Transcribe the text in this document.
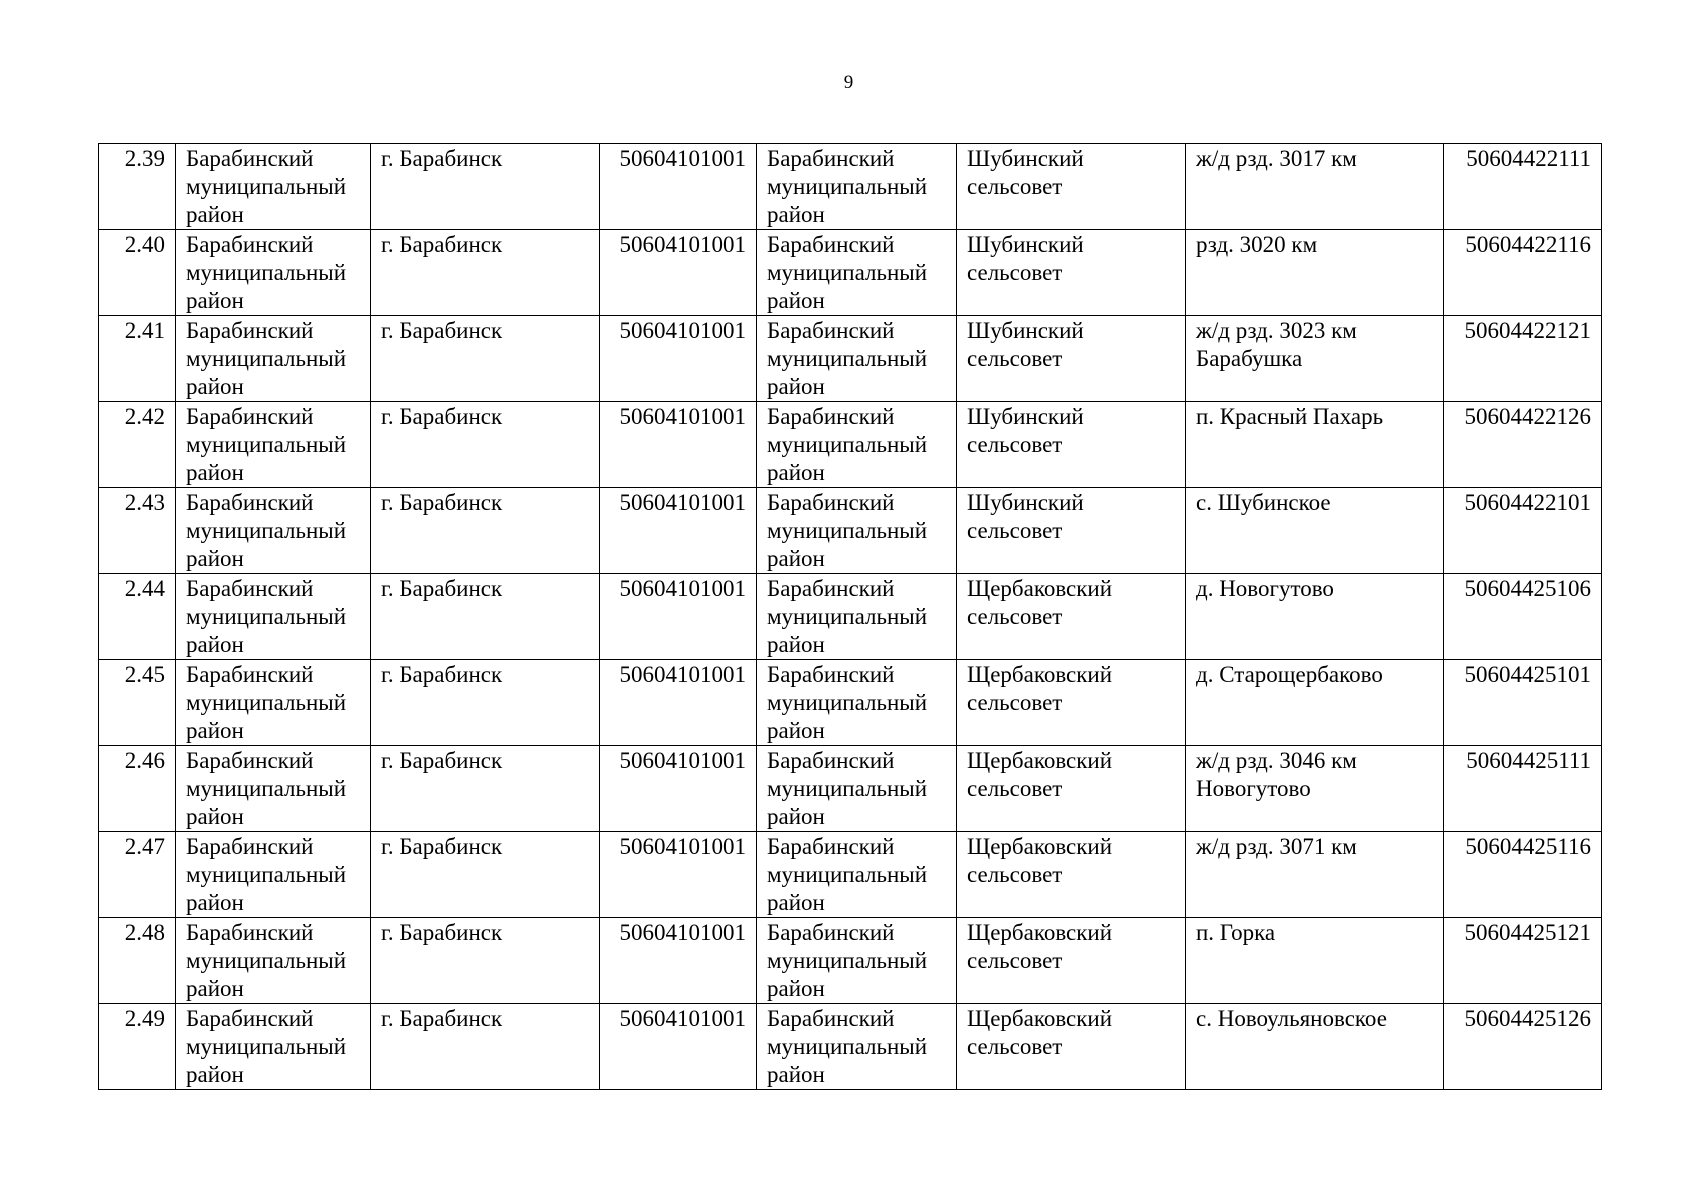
9
2.39	Барабинский муниципальный район	г. Барабинск	50604101001	Барабинский муниципальный район	Шубинский сельсовет	ж/д рзд. 3017 км	50604422111

2.40	Барабинский муниципальный район	г. Барабинск	50604101001	Барабинский муниципальный район	Шубинский сельсовет	рзд. 3020 км	50604422116

2.41	Барабинский муниципальный район	г. Барабинск	50604101001	Барабинский муниципальный район	Шубинский сельсовет	ж/д рзд. 3023 км Барабушка	50604422121

2.42	Барабинский муниципальный район	г. Барабинск	50604101001	Барабинский муниципальный район	Шубинский сельсовет	п. Красный Пахарь	50604422126

2.43	Барабинский муниципальный район	г. Барабинск	50604101001	Барабинский муниципальный район	Шубинский сельсовет	с. Шубинское	50604422101

2.44	Барабинский муниципальный район	г. Барабинск	50604101001	Барабинский муниципальный район	Щербаковский сельсовет	д. Новогутово	50604425106

2.45	Барабинский муниципальный район	г. Барабинск	50604101001	Барабинский муниципальный район	Щербаковский сельсовет	д. Старощербаково	50604425101

2.46	Барабинский муниципальный район	г. Барабинск	50604101001	Барабинский муниципальный район	Щербаковский сельсовет	ж/д рзд. 3046 км Новогутово	50604425111

2.47	Барабинский муниципальный район	г. Барабинск	50604101001	Барабинский муниципальный район	Щербаковский сельсовет	ж/д рзд. 3071 км	50604425116

2.48	Барабинский муниципальный район	г. Барабинск	50604101001	Барабинский муниципальный район	Щербаковский сельсовет	п. Горка	50604425121

2.49	Барабинский муниципальный район	г. Барабинск	50604101001	Барабинский муниципальный район	Щербаковский сельсовет	с. Новоульяновское	50604425126
